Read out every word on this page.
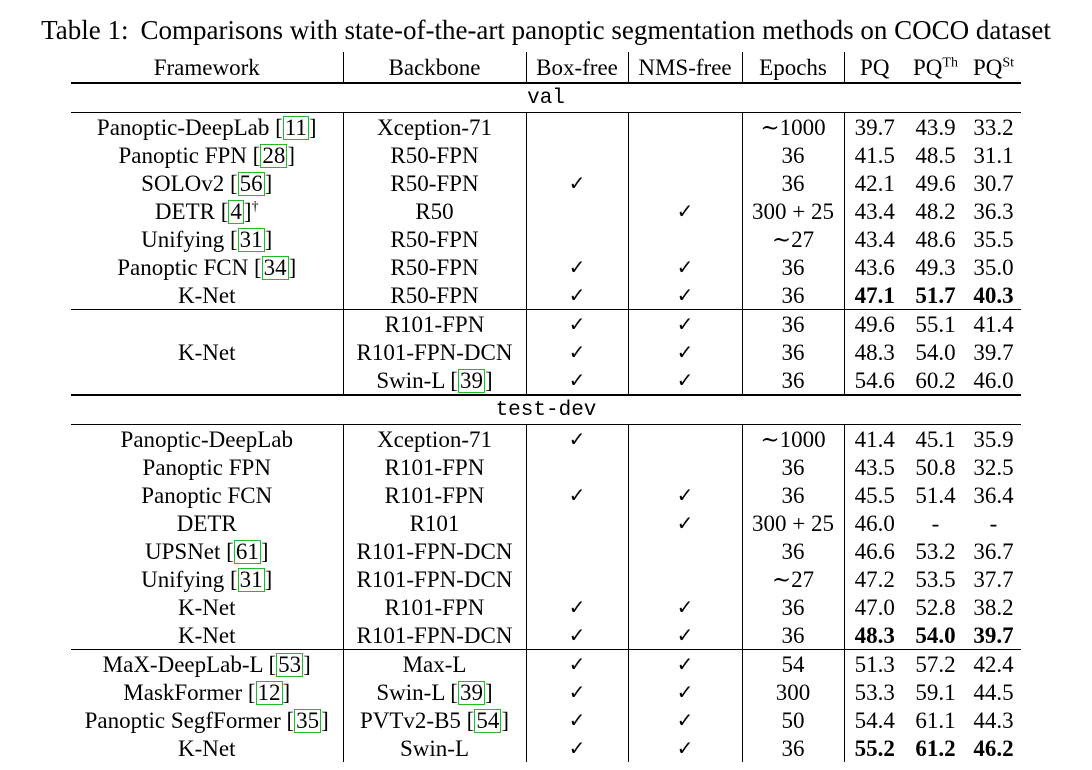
Table 1: Comparisons with state-of-the-art panoptic segmentation methods on COCO dataset
Framework	Backbone	Box-free	NMS-free	Epochs	PQ	$PQ^{Th}$	$PQ^{St}$
val							
Panoptic-DeepLab [11]	Xception-71			∼1000	39.7	43.9	33.2
Panoptic FPN [28]	R50-FPN			36	41.5	48.5	31.1
SOLOv2 [56]	R50-FPN	✓		36	42.1	49.6	30.7
DETR [4]†	R50		✓	300 + 25	43.4	48.2	36.3
Unifying [31]	R50-FPN			∼27	43.4	48.6	35.5
Panoptic FCN [34]	R50-FPN	✓	✓	36	43.6	49.3	35.0
K-Net	R50-FPN	✓	✓	36	47.1	51.7	40.3
K-Net	R101-FPN	✓	✓	36	49.6	55.1	41.4
	R101-FPN-DCN	✓	✓	36	48.3	54.0	39.7
	Swin-L [39]	✓	✓	36	54.6	60.2	46.0
test-dev							
Panoptic-DeepLab	Xception-71	✓		∼1000	41.4	45.1	35.9
Panoptic FPN	R101-FPN			36	43.5	50.8	32.5
Panoptic FCN	R101-FPN	✓	✓	36	45.5	51.4	36.4
DETR	R101		✓	300 + 25	46.0	-	-
UPSNet [61]	R101-FPN-DCN			36	46.6	53.2	36.7
Unifying [31]	R101-FPN-DCN			∼27	47.2	53.5	37.7
K-Net	R101-FPN	✓	✓	36	47.0	52.8	38.2
K-Net	R101-FPN-DCN	✓	✓	36	48.3	54.0	39.7
MaX-DeepLab-L [53]	Max-L	✓	✓	54	51.3	57.2	42.4
MaskFormer [12]	Swin-L [39]	✓	✓	300	53.3	59.1	44.5
Panoptic SegfFormer [35]	PVTv2-B5 [54]	✓	✓	50	54.4	61.1	44.3
K-Net	Swin-L	✓	✓	36	55.2	61.2	46.2
